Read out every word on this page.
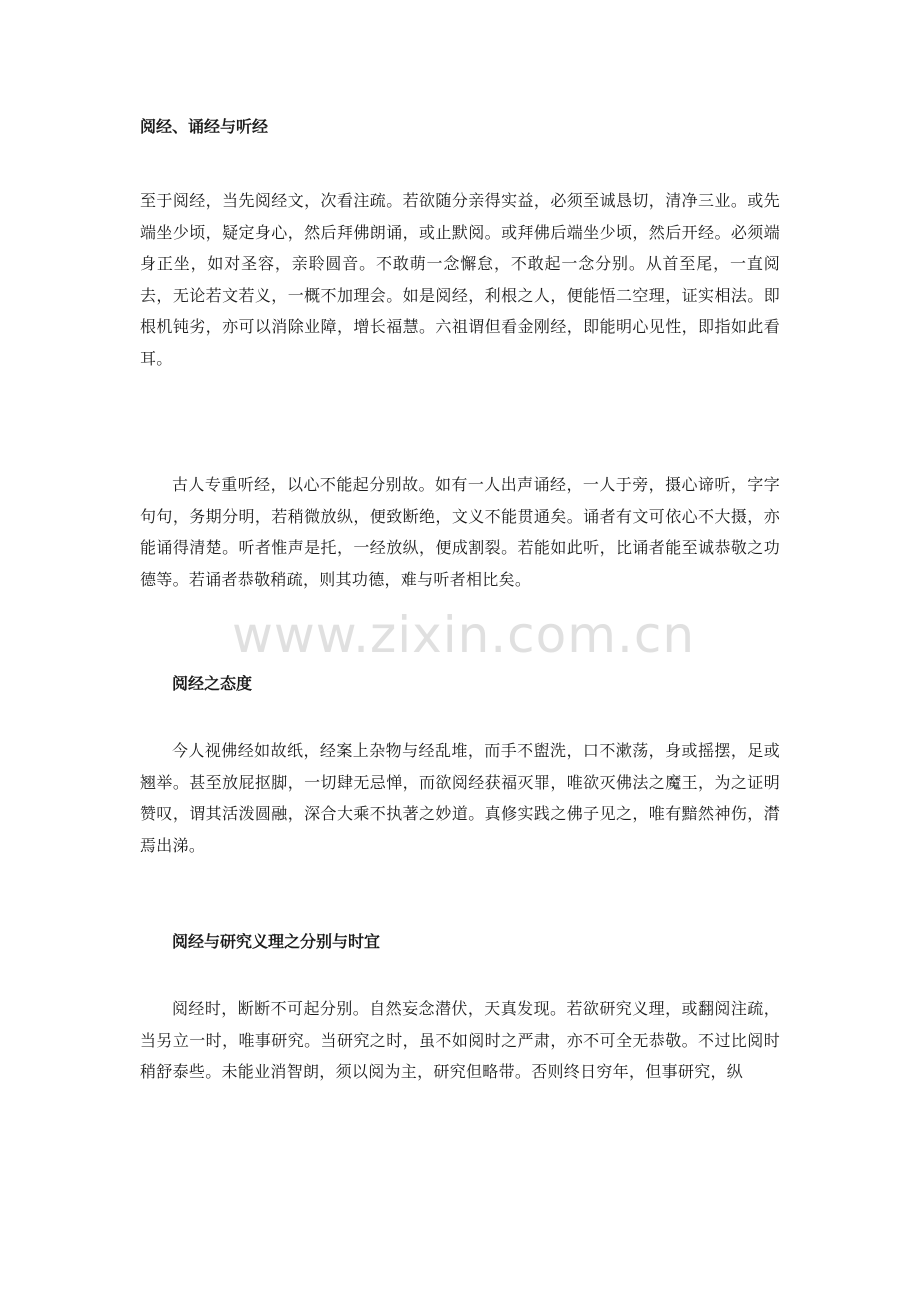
www.zixin.com.cn
阅经、诵经与听经

至于阅经，当先阅经文，次看注疏。若欲随分亲得实益，必须至诚恳切，清净三业。或先端坐少顷，疑定身心，然后拜佛朗诵，或止默阅。或拜佛后端坐少顷，然后开经。必须端身正坐，如对圣容，亲聆圆音。不敢萌一念懈怠，不敢起一念分别。从首至尾，一直阅去，无论若文若义，一概不加理会。如是阅经，利根之人，便能悟二空理，证实相法。即根机钝劣，亦可以消除业障，增长福慧。六祖谓但看金刚经，即能明心见性，即指如此看耳。

古人专重听经，以心不能起分别故。如有一人出声诵经，一人于旁，摄心谛听，字字句句，务期分明，若稍微放纵，便致断绝，文义不能贯通矣。诵者有文可依心不大摄，亦能诵得清楚。听者惟声是托，一经放纵，便成割裂。若能如此听，比诵者能至诚恭敬之功德等。若诵者恭敬稍疏，则其功德，难与听者相比矣。

阅经之态度

今人视佛经如故纸，经案上杂物与经乱堆，而手不盥洗，口不漱荡，身或摇摆，足或翘举。甚至放屁抠脚，一切肆无忌惮，而欲阅经获福灭罪，唯欲灭佛法之魔王，为之证明赞叹，谓其活泼圆融，深合大乘不执著之妙道。真修实践之佛子见之，唯有黯然神伤，潸焉出涕。

阅经与研究义理之分别与时宜

阅经时，断断不可起分别。自然妄念潜伏，天真发现。若欲研究义理，或翻阅注疏，当另立一时，唯事研究。当研究之时，虽不如阅时之严肃，亦不可全无恭敬。不过比阅时稍舒泰些。未能业消智朗，须以阅为主，研究但略带。否则终日穷年，但事研究，纵
